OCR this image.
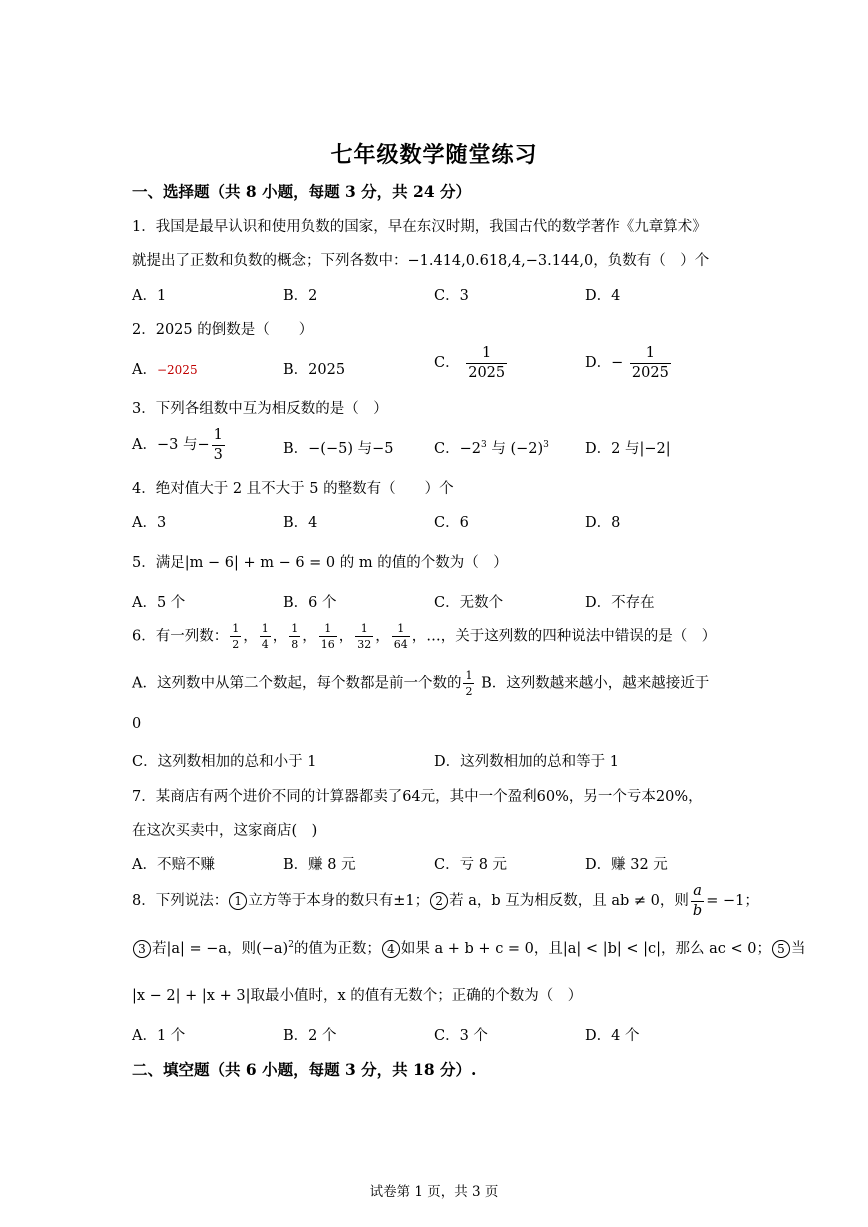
七年级数学随堂练习
一、选择题（共 8 小题，每题 3 分，共 24 分）
1．我国是最早认识和使用负数的国家，早在东汉时期，我国古代的数学著作《九章算术》
就提出了正数和负数的概念；下列各数中：−1.414,0.618,4,−3.144,0，负数有（　）个
A．1	B．2	C．3	D．4
2．2025 的倒数是（　　）
A．−2025	B．2025	C． $\frac{1}{2025}$	D．− $\frac{1}{2025}$
3．下列各组数中互为相反数的是（　）
A．−3 与− $\frac{1}{3}$	B．−(−5) 与−5	C．$-2^3$ 与 $(-2)^3$ D．2 与|−2|
4．绝对值大于 2 且不大于 5 的整数有（　　）个
A．3	B．4	C．6	D．8
5．满足|m − 6| + m − 6 = 0 的 m 的值的个数为（　）
A．5 个	B．6 个	C．无数个	D．不存在
6．有一列数： $\frac{1}{2}$ ， $\frac{1}{4}$ ， $\frac{1}{8}$ ， $\frac{1}{16}$ ， $\frac{1}{32}$ ， $\frac{1}{64}$ ，…，关于这列数的四种说法中错误的是（　）
A．这列数中从第二个数起，每个数都是前一个数的 $\frac{1}{2}$ B．这列数越来越小，越来越接近于
0
C．这列数相加的总和小于 1	D．这列数相加的总和等于 1
7．某商店有两个进价不同的计算器都卖了64元，其中一个盈利60%，另一个亏本20%，
在这次买卖中，这家商店(　)
A．不赔不赚	B．赚 8 元	C．亏 8 元	D．赚 32 元
8．下列说法： 1 立方等于本身的数只有±1； 2 若 a，b 互为相反数，且 ab ≠ 0，则 $\frac{a}{b} = -1$；
3 若|a| = −a，则$(-a)^2$的值为正数； 4 如果 a + b + c = 0，且|a| < |b| < |c|，那么 ac < 0； 5 当
|x − 2| + |x + 3|取最小值时，x 的值有无数个；正确的个数为（　）
A．1 个	B．2 个	C．3 个	D．4 个
二、填空题（共 6 小题，每题 3 分，共 18 分）.
试卷第 1 页，共 3 页
